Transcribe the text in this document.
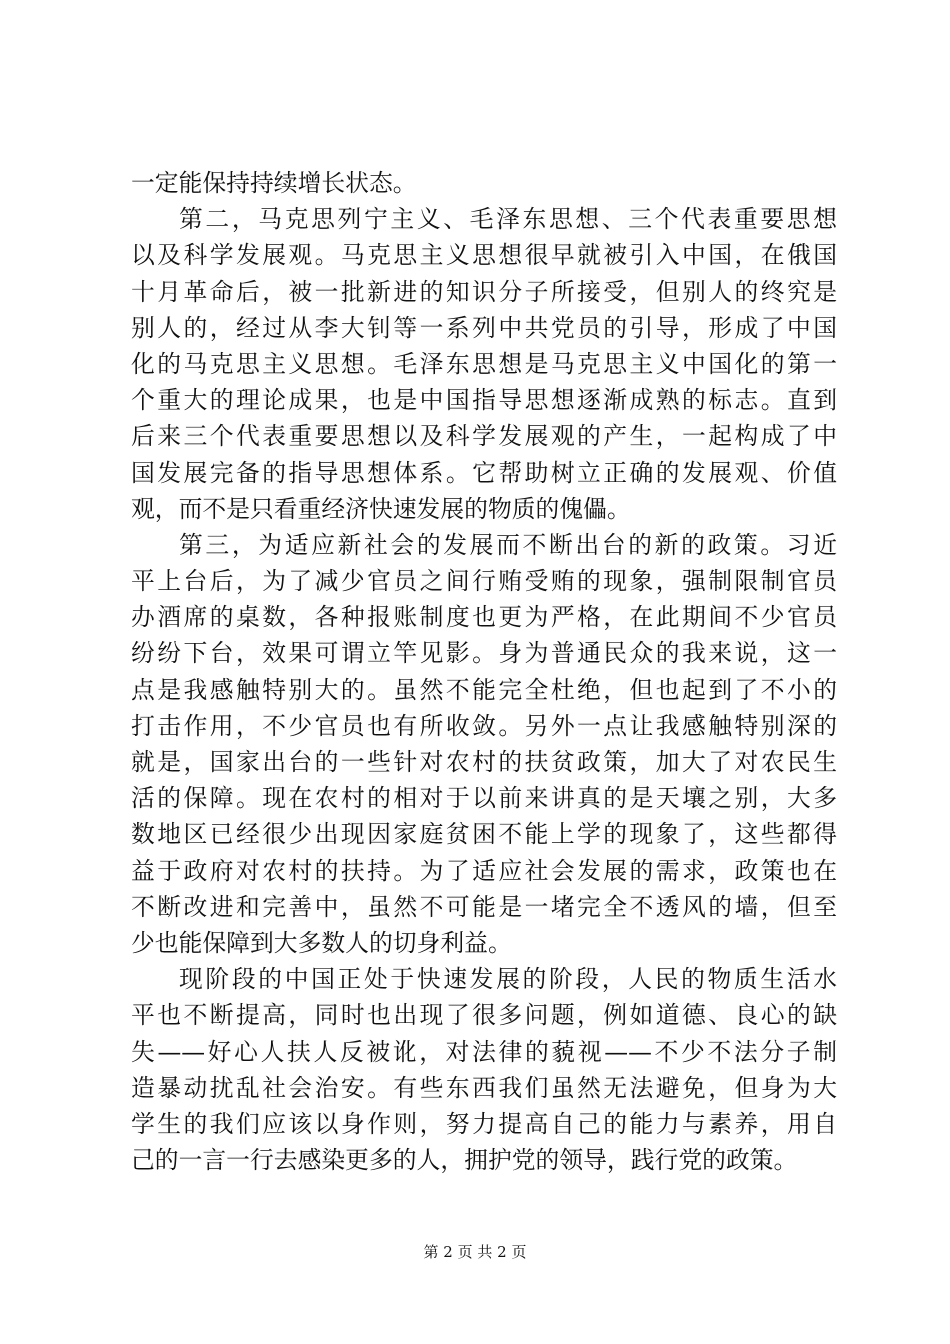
一定能保持持续增长状态。
第二，马克思列宁主义、毛泽东思想、三个代表重要思想
以及科学发展观。马克思主义思想很早就被引入中国，在俄国
十月革命后，被一批新进的知识分子所接受，但别人的终究是
别人的，经过从李大钊等一系列中共党员的引导，形成了中国
化的马克思主义思想。毛泽东思想是马克思主义中国化的第一
个重大的理论成果，也是中国指导思想逐渐成熟的标志。直到
后来三个代表重要思想以及科学发展观的产生，一起构成了中
国发展完备的指导思想体系。它帮助树立正确的发展观、价值
观，而不是只看重经济快速发展的物质的傀儡。
第三，为适应新社会的发展而不断出台的新的政策。习近
平上台后，为了减少官员之间行贿受贿的现象，强制限制官员
办酒席的桌数，各种报账制度也更为严格，在此期间不少官员
纷纷下台，效果可谓立竿见影。身为普通民众的我来说，这一
点是我感触特别大的。虽然不能完全杜绝，但也起到了不小的
打击作用，不少官员也有所收敛。另外一点让我感触特别深的
就是，国家出台的一些针对农村的扶贫政策，加大了对农民生
活的保障。现在农村的相对于以前来讲真的是天壤之别，大多
数地区已经很少出现因家庭贫困不能上学的现象了，这些都得
益于政府对农村的扶持。为了适应社会发展的需求，政策也在
不断改进和完善中，虽然不可能是一堵完全不透风的墙，但至
少也能保障到大多数人的切身利益。
现阶段的中国正处于快速发展的阶段，人民的物质生活水
平也不断提高，同时也出现了很多问题，例如道德、良心的缺
失——好心人扶人反被讹，对法律的藐视——不少不法分子制
造暴动扰乱社会治安。有些东西我们虽然无法避免，但身为大
学生的我们应该以身作则，努力提高自己的能力与素养，用自
己的一言一行去感染更多的人，拥护党的领导，践行党的政策。
第 2 页 共 2 页
